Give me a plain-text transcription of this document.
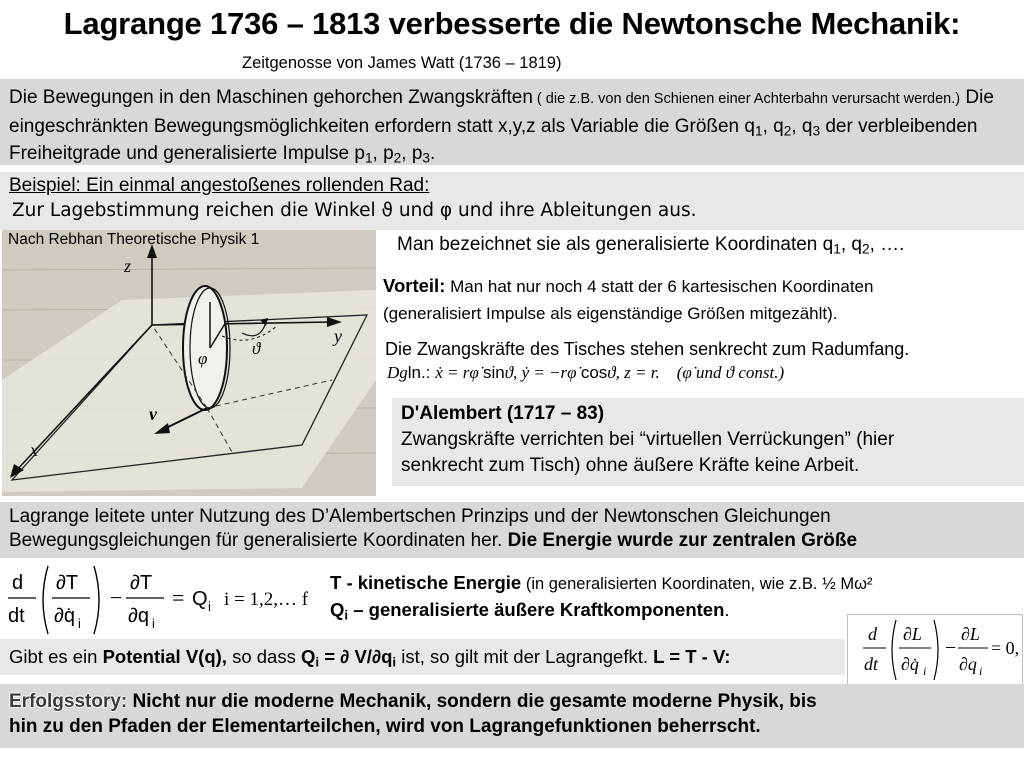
Lagrange 1736 – 1813 verbesserte die Newtonsche Mechanik:
Zeitgenosse von James Watt (1736 – 1819)
Die Bewegungen in den Maschinen gehorchen Zwangskräften ( die z.B. von den Schienen einer Achterbahn verursacht werden.) Die eingeschränkten Bewegungsmöglichkeiten erfordern statt x,y,z als Variable die Größen $q_1$, $q_2$, $q_3$ der verbleibenden Freiheitgrade und generalisierte Impulse $p_1$, $p_2$, $p_3$.
Beispiel: Ein einmal angestoßenes rollenden Rad:
Zur Lagebstimmung reichen die Winkel ϑ und φ und ihre Ableitungen aus.
z
y
x
φ
ϑ
v
Nach Rebhan Theoretische Physik 1	Man bezeichnet sie als generalisierte Koordinaten $q_1$, $q_2$, ….
Vorteil: Man hat nur noch 4 statt der 6 kartesischen Koordinaten
(generalisiert Impulse als eigenständige Größen mitgezählt).
Die Zwangskräfte des Tisches stehen senkrecht zum Radumfang.
Dgln.: ẋ = rφ̇ sinϑ, ẏ = −rφ̇ cosϑ, z = r. (φ̇ und ϑ const.)
D'Alembert (1717 – 83)
Zwangskräfte verrichten bei “virtuellen Verrückungen” (hier
senkrecht zum Tisch) ohne äußere Kräfte keine Arbeit.
Lagrange leitete unter Nutzung des D’Alembertschen Prinzips und der Newtonschen Gleichungen
Bewegungsgleichungen für generalisierte Koordinaten her. Die Energie wurde zur zentralen Größe
d
dt
∂T
∂q̇ i
−
∂T
∂q i
= Q i i = 1,2,… f
T - kinetische Energie (in generalisierten Koordinaten, wie z.B. ½ Mω²
$Q_i$ – generalisierte äußere Kraftkomponenten.
Gibt es ein Potential V(q), so dass $Q_i$ = ∂ $V/\partial q_i$ ist, so gilt mit der Lagrangefkt. L = T - V:
d
dt
∂L
∂q̇ i
−
∂L
∂q i
= 0,
Erfolgsstory: Nicht nur die moderne Mechanik, sondern die gesamte moderne Physik, bis
hin zu den Pfaden der Elementarteilchen, wird von Lagrangefunktionen beherrscht.
